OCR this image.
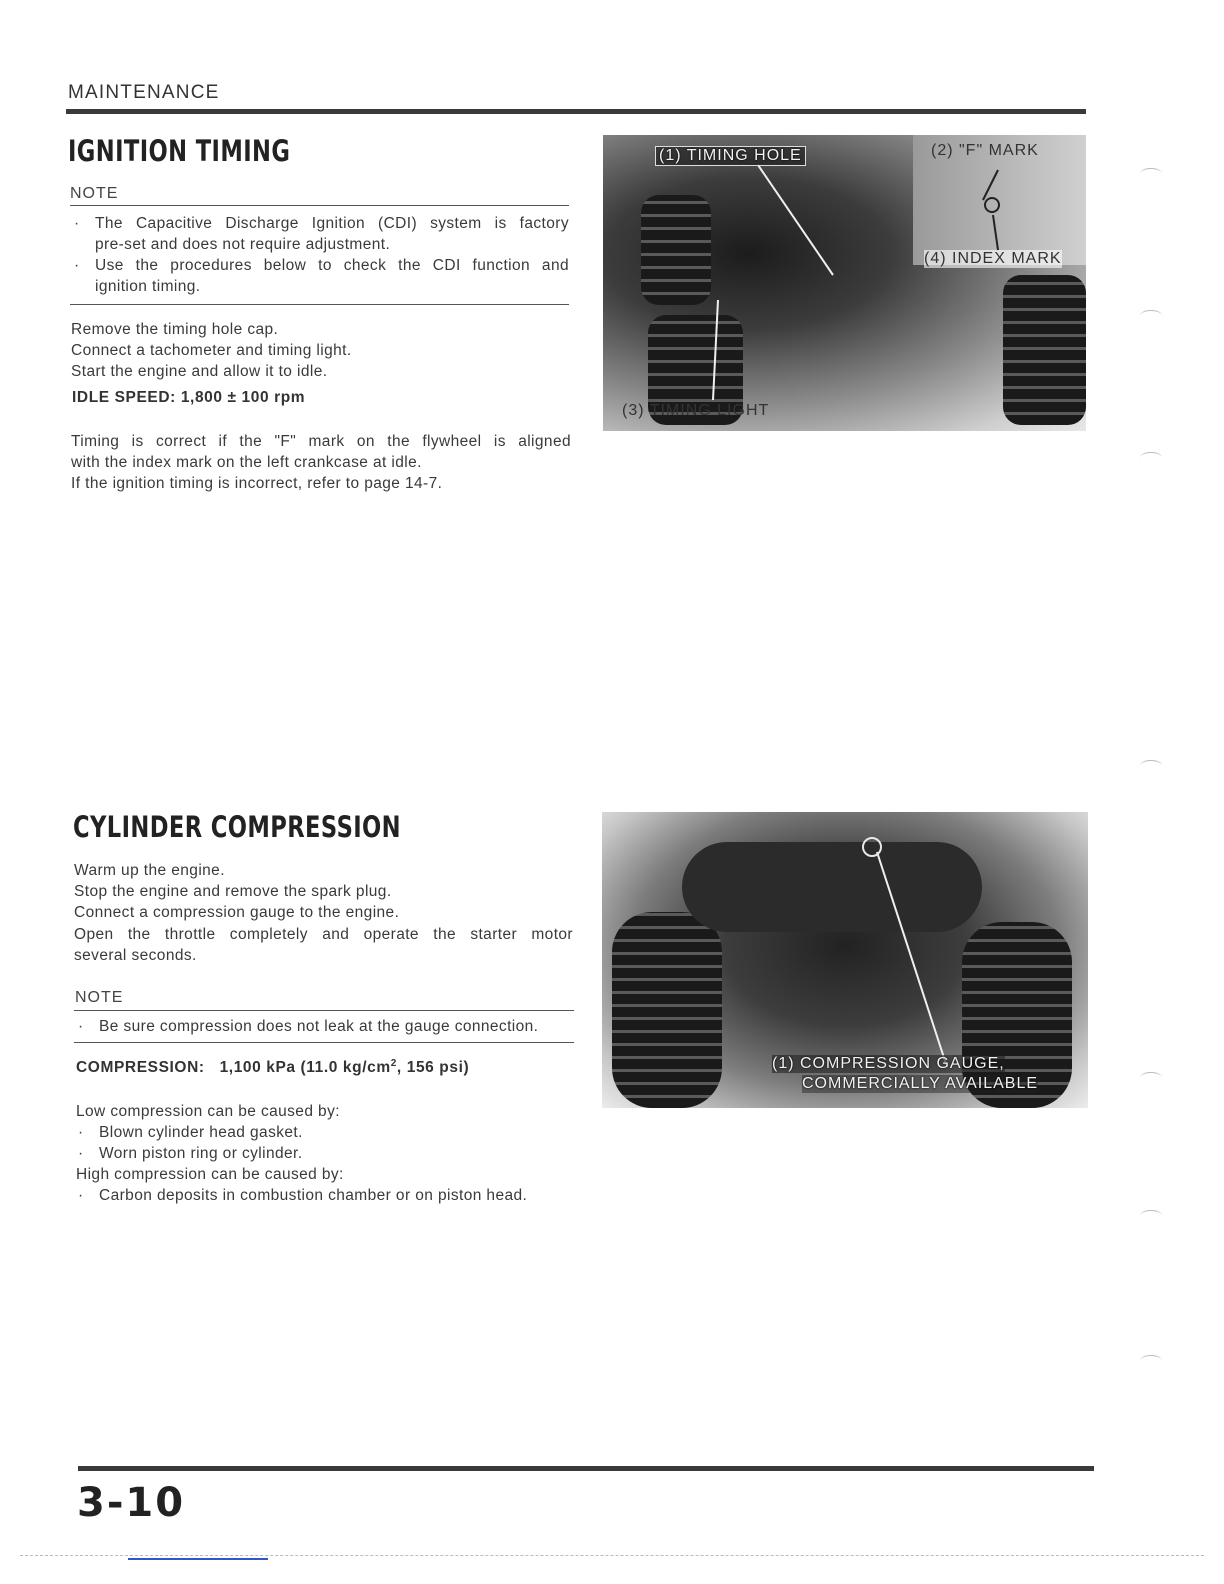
MAINTENANCE
IGNITION TIMING
NOTE
· The Capacitive Discharge Ignition (CDI) system is factory

pre-set and does not require adjustment.

· Use the procedures below to check the CDI function and

ignition timing.

Remove the timing hole cap.

Connect a tachometer and timing light.

Start the engine and allow it to idle.

IDLE SPEED: 1,800 ± 100 rpm

Timing is correct if the "F" mark on the flywheel is aligned

with the index mark on the left crankcase at idle.

If the ignition timing is incorrect, refer to page 14-7.

(1) TIMING HOLE	(2) "F" MARK
(4) INDEX MARK
(3) TIMING LIGHT
CYLINDER COMPRESSION

Warm up the engine.

Stop the engine and remove the spark plug.

Connect a compression gauge to the engine.

Open the throttle completely and operate the starter motor

several seconds.

NOTE
· Be sure compression does not leak at the gauge connection.
COMPRESSION: 1,100 kPa (11.0 $kg/cm^2$, 156 psi)

Low compression can be caused by:

· Blown cylinder head gasket.
· Worn piston ring or cylinder.

High compression can be caused by:

· Carbon deposits in combustion chamber or on piston head.
(1) COMPRESSION GAUGE,
COMMERCIALLY AVAILABLE
3-10
